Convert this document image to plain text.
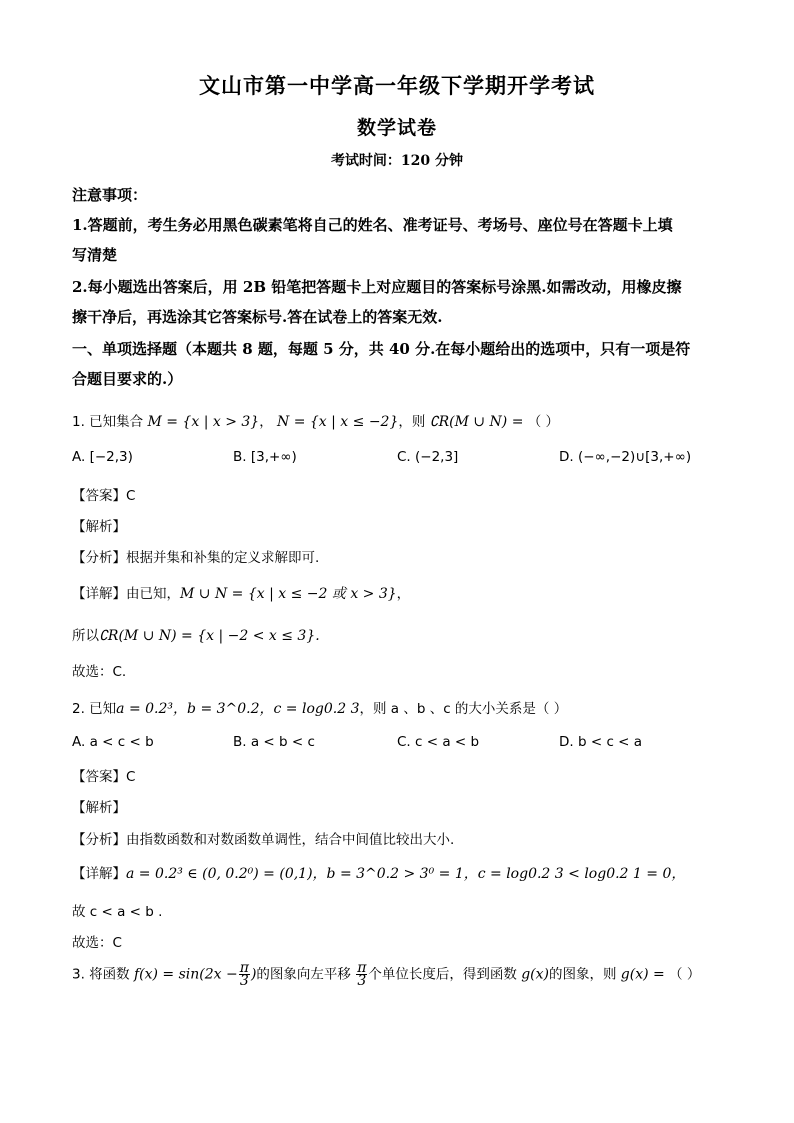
文山市第一中学高一年级下学期开学考试
数学试卷
考试时间：120 分钟
注意事项：
1.答题前，考生务必用黑色碳素笔将自己的姓名、准考证号、考场号、座位号在答题卡上填
写清楚
2.每小题选出答案后，用 2B 铅笔把答题卡上对应题目的答案标号涂黑.如需改动，用橡皮擦
擦干净后，再选涂其它答案标号.答在试卷上的答案无效.
一、单项选择题（本题共 8 题，每题 5 分，共 40 分.在每小题给出的选项中，只有一项是符
合题目要求的.）
1. 已知集合 M = {x | x > 3}， N = {x | x ≤ −2}，则 ∁R(M ∪ N) = （ ）
A. [−2,3)	B. [3,+∞)	C. (−2,3]	D. (−∞,−2)∪[3,+∞)
【答案】C
【解析】
【分析】根据并集和补集的定义求解即可.
【详解】由已知，M ∪ N = {x | x ≤ −2 或 x > 3}，
所以∁R(M ∪ N) = {x | −2 < x ≤ 3}.
故选：C.
2. 已知a = 0.2³，b = 3^0.2，c = log0.2 3，则 a 、b 、c 的大小关系是（ ）
A. a < c < b	B. a < b < c	C. c < a < b	D. b < c < a
【答案】C
【解析】
【分析】由指数函数和对数函数单调性，结合中间值比较出大小.
【详解】a = 0.2³ ∈ (0, 0.2⁰) = (0,1)，b = 3^0.2 > 3⁰ = 1，c = log0.2 3 < log0.2 1 = 0，
故 c < a < b .
故选：C
3. 将函数 $f(x) = \sin(2x - \frac{\pi}{3}$ )的图象向左平移 $\frac{\pi}{3}$ 个单位长度后，得到函数 g(x)的图象，则 g(x) = （ ）
